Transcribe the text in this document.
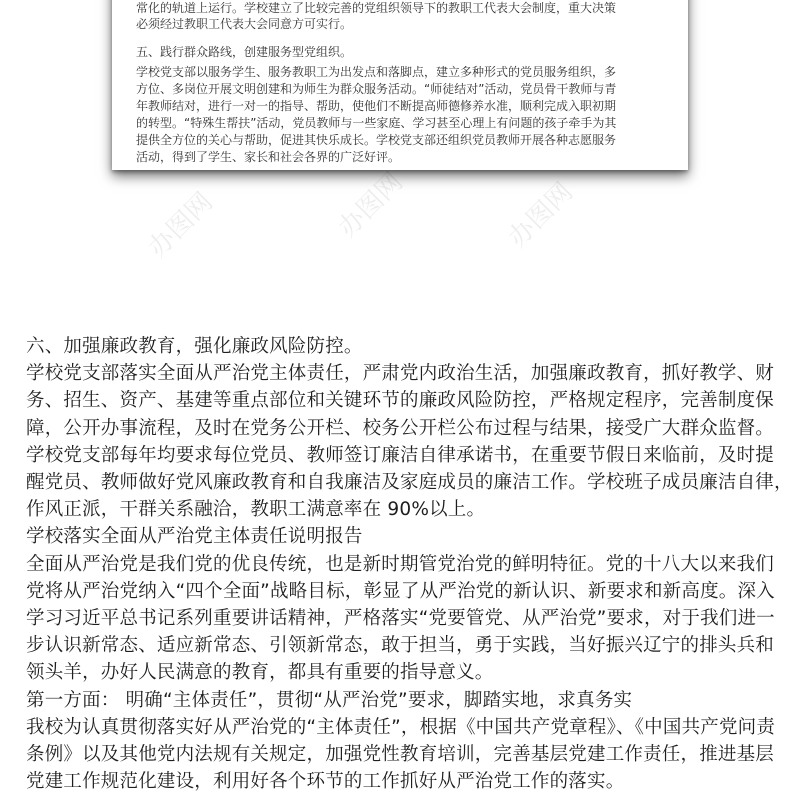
常化的轨道上运行。学校建立了比较完善的党组织领导下的教职工代表大会制度，重大决策
必须经过教职工代表大会同意方可实行。
五、践行群众路线，创建服务型党组织。
学校党支部以服务学生、服务教职工为出发点和落脚点，建立多种形式的党员服务组织，多
方位、多岗位开展文明创建和为师生为群众服务活动。“师徒结对”活动，党员骨干教师与青
年教师结对，进行一对一的指导、帮助，使他们不断提高师德修养水准，顺利完成入职初期
的转型。“特殊生帮扶”活动，党员教师与一些家庭、学习甚至心理上有问题的孩子牵手为其
提供全方位的关心与帮助，促进其快乐成长。学校党支部还组织党员教师开展各种志愿服务
活动，得到了学生、家长和社会各界的广泛好评。
办图网	办图网	办图网
六、加强廉政教育，强化廉政风险防控。
学校党支部落实全面从严治党主体责任，严肃党内政治生活，加强廉政教育，抓好教学、财
务、招生、资产、基建等重点部位和关键环节的廉政风险防控，严格规定程序，完善制度保
障，公开办事流程，及时在党务公开栏、校务公开栏公布过程与结果，接受广大群众监督。
学校党支部每年均要求每位党员、教师签订廉洁自律承诺书，在重要节假日来临前，及时提
醒党员、教师做好党风廉政教育和自我廉洁及家庭成员的廉洁工作。学校班子成员廉洁自律，
作风正派，干群关系融洽，教职工满意率在 90%以上。
学校落实全面从严治党主体责任说明报告
全面从严治党是我们党的优良传统，也是新时期管党治党的鲜明特征。党的十八大以来我们
党将从严治党纳入“四个全面”战略目标，彰显了从严治党的新认识、新要求和新高度。深入
学习习近平总书记系列重要讲话精神，严格落实“党要管党、从严治党”要求，对于我们进一
步认识新常态、适应新常态、引领新常态，敢于担当，勇于实践，当好振兴辽宁的排头兵和
领头羊，办好人民满意的教育，都具有重要的指导意义。
第一方面： 明确“主体责任”，贯彻“从严治党”要求，脚踏实地，求真务实
我校为认真贯彻落实好从严治党的“主体责任”，根据《中国共产党章程》、《中国共产党问责
条例》以及其他党内法规有关规定，加强党性教育培训，完善基层党建工作责任，推进基层
党建工作规范化建设，利用好各个环节的工作抓好从严治党工作的落实。
